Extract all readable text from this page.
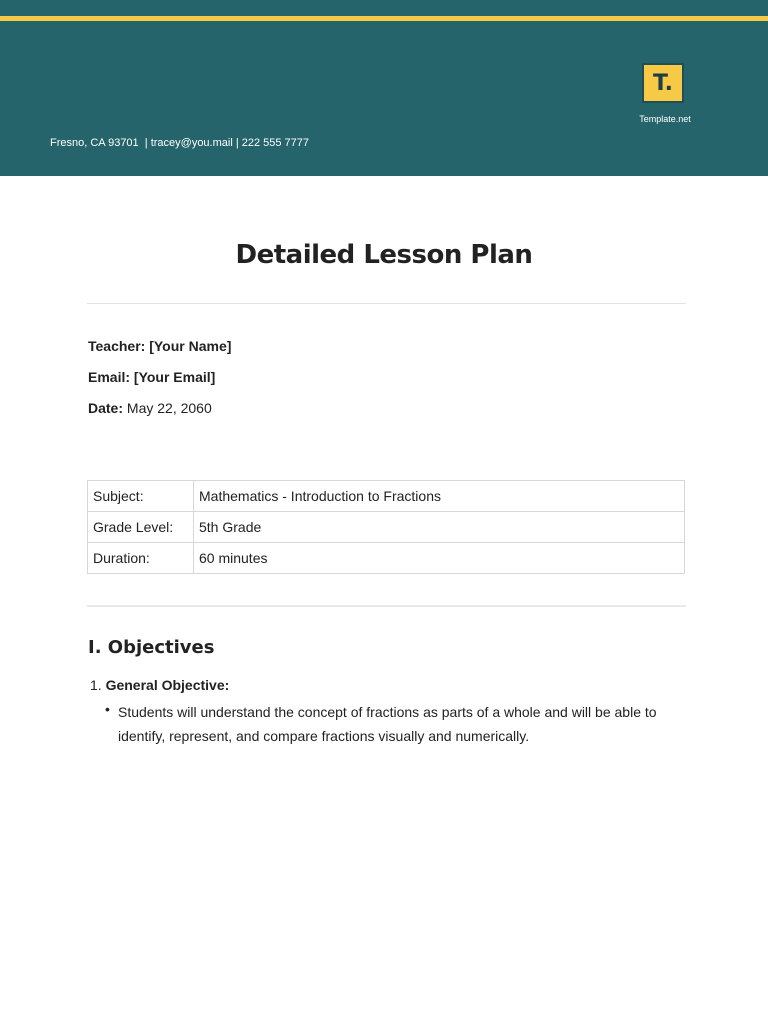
T.
Template.net
Fresno, CA 93701  | tracey@you.mail | 222 555 7777
Detailed Lesson Plan
Teacher: [Your Name]
Email: [Your Email]
Date: May 22, 2060
Subject:	Mathematics - Introduction to Fractions
Grade Level:	5th Grade
Duration:	60 minutes
I. Objectives
1. General Objective:
• Students will understand the concept of fractions as parts of a whole and will be able to identify, represent, and compare fractions visually and numerically.
